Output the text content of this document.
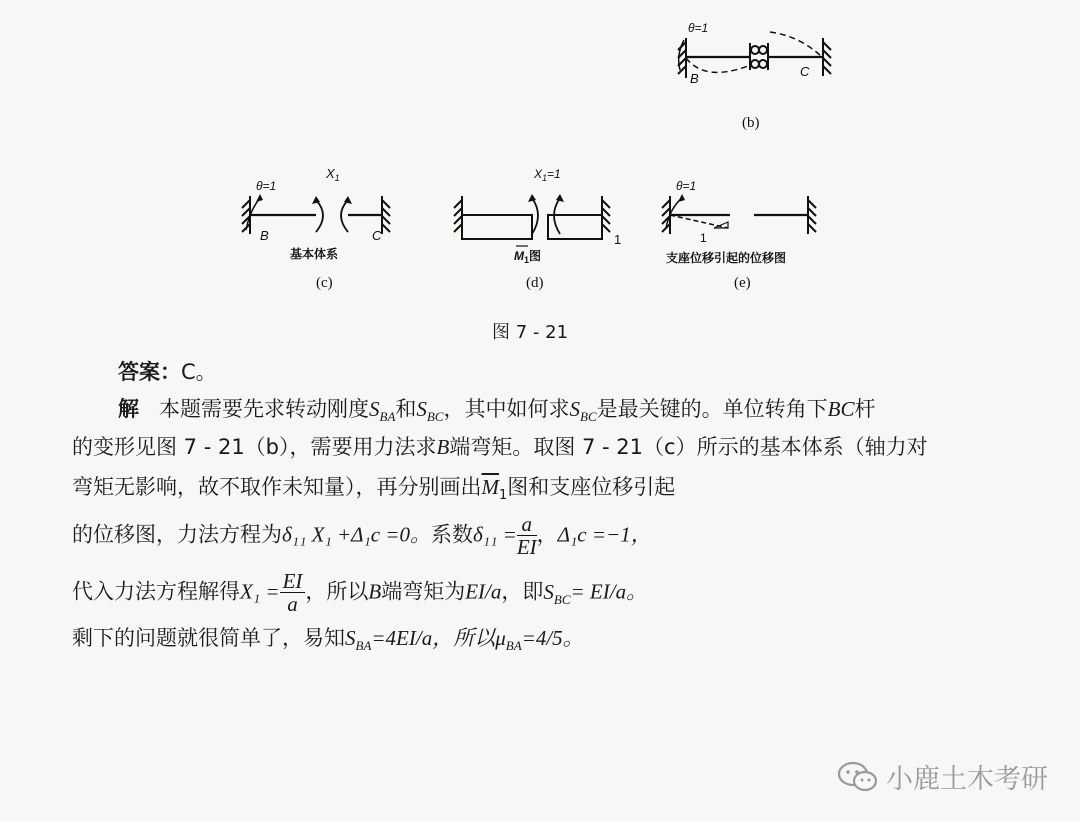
θ=1
B	C
(b)
θ=1
$X_1$
B	C
基本体系
(c)
$X_1=1$
1
$M_1$图
(d)
θ=1
1
支座位移引起的位移图
(e)
图 7 - 21
答案：C。
解 本题需要先求转动刚度$S_{BA}$和$S_{BC}$，其中如何求$S_{BC}$是最关键的。单位转角下BC杆
的变形见图 7 - 21（b），需要用力法求B端弯矩。取图 7 - 21（c）所示的基本体系（轴力对
弯矩无影响，故不取作未知量），再分别画出$\overline{M}_1$图和支座位移引起
的位移图，力法方程为δ₁₁ X₁ +Δ₁c =0。系数$\delta_{11} = \frac{a}{EI}$ ，Δ₁c =−1，
代入力法方程解得$X_1 = \frac{EI}{a}$ ，所以B端弯矩为EI/a，即$S_{BC}= EI/a$。
剩下的问题就很简单了，易知$S_{BA}=4EI/a$，所以$\mu_{BA}=4/5$。
小鹿土木考研
